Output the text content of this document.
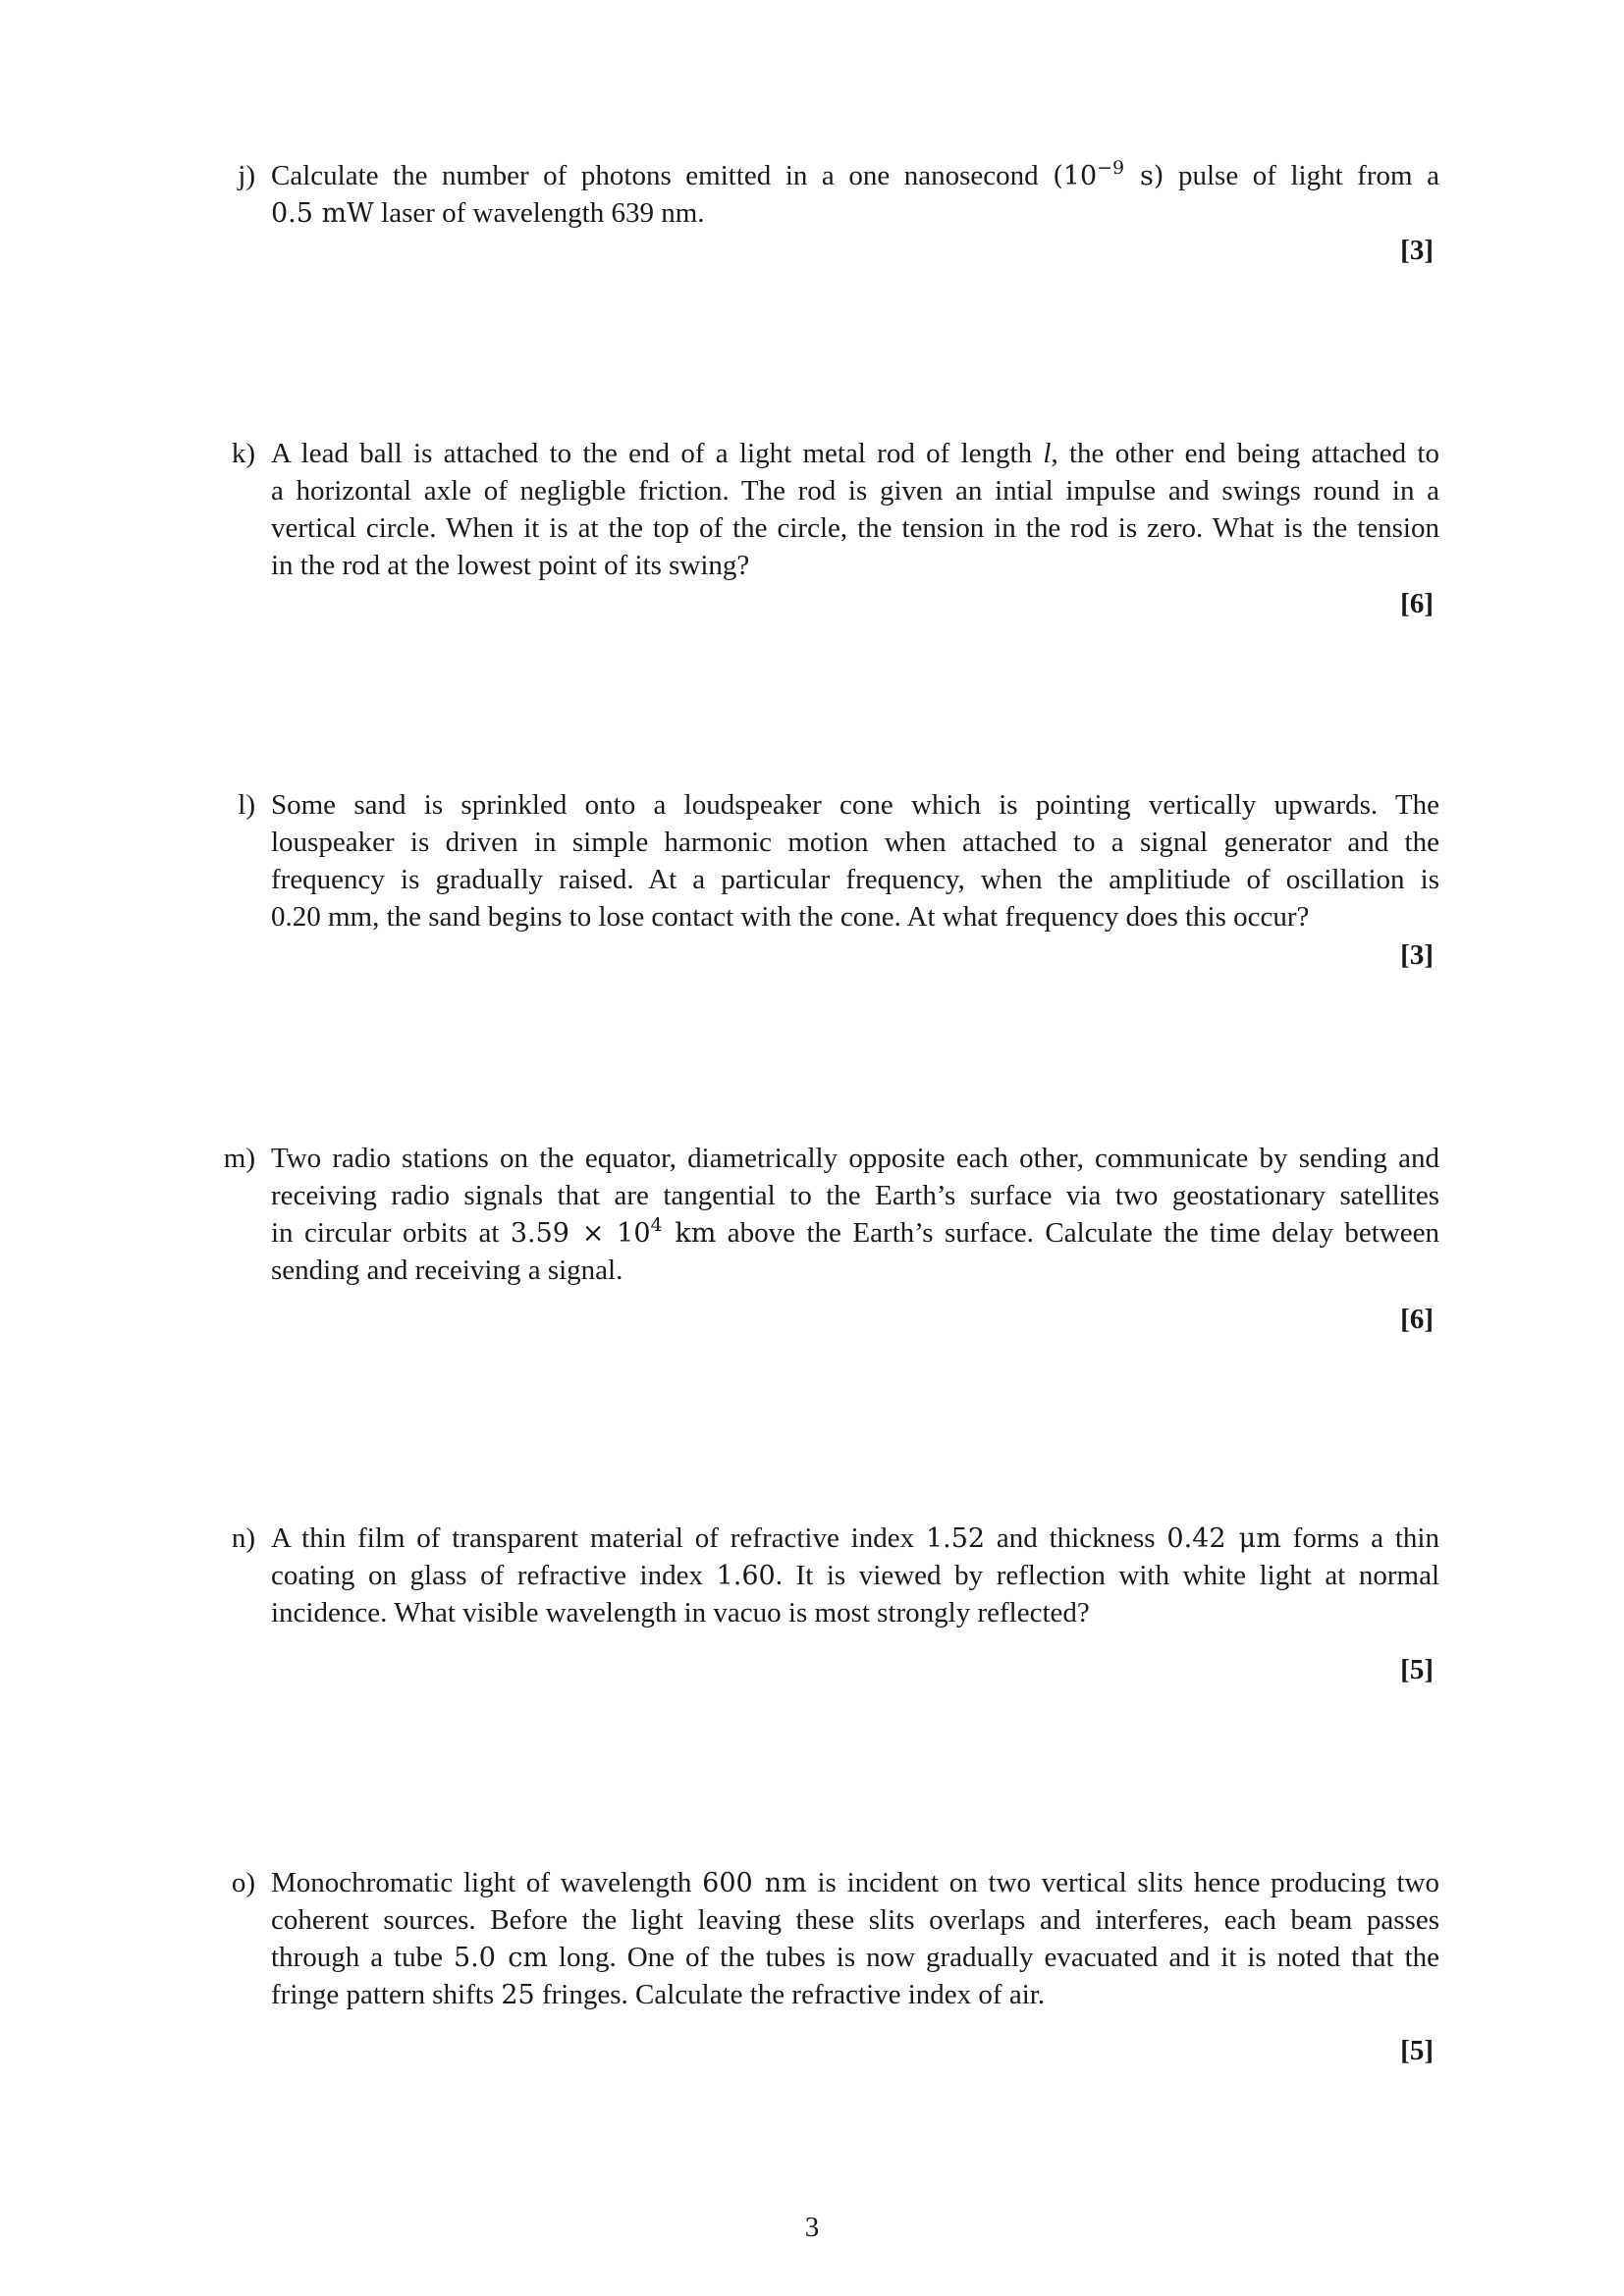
j) Calculate the number of photons emitted in a one nanosecond ($10^{-9}$ s) pulse of light from a
0.5 mW laser of wavelength 639 nm.
[3]
k) A lead ball is attached to the end of a light metal rod of length l, the other end being attached to
a horizontal axle of negligble friction. The rod is given an intial impulse and swings round in a
vertical circle. When it is at the top of the circle, the tension in the rod is zero. What is the tension
in the rod at the lowest point of its swing?
[6]
l) Some sand is sprinkled onto a loudspeaker cone which is pointing vertically upwards. The
louspeaker is driven in simple harmonic motion when attached to a signal generator and the
frequency is gradually raised. At a particular frequency, when the amplitiude of oscillation is
0.20 mm, the sand begins to lose contact with the cone. At what frequency does this occur?
[3]
m) Two radio stations on the equator, diametrically opposite each other, communicate by sending and
receiving radio signals that are tangential to the Earth’s surface via two geostationary satellites
in circular orbits at $3.59 \times 10^4$ km above the Earth’s surface. Calculate the time delay between
sending and receiving a signal.
[6]
n) A thin film of transparent material of refractive index 1.52 and thickness 0.42 μm forms a thin
coating on glass of refractive index 1.60. It is viewed by reflection with white light at normal
incidence. What visible wavelength in vacuo is most strongly reflected?
[5]
o) Monochromatic light of wavelength 600 nm is incident on two vertical slits hence producing two
coherent sources. Before the light leaving these slits overlaps and interferes, each beam passes
through a tube 5.0 cm long. One of the tubes is now gradually evacuated and it is noted that the
fringe pattern shifts 25 fringes. Calculate the refractive index of air.
[5]
3
